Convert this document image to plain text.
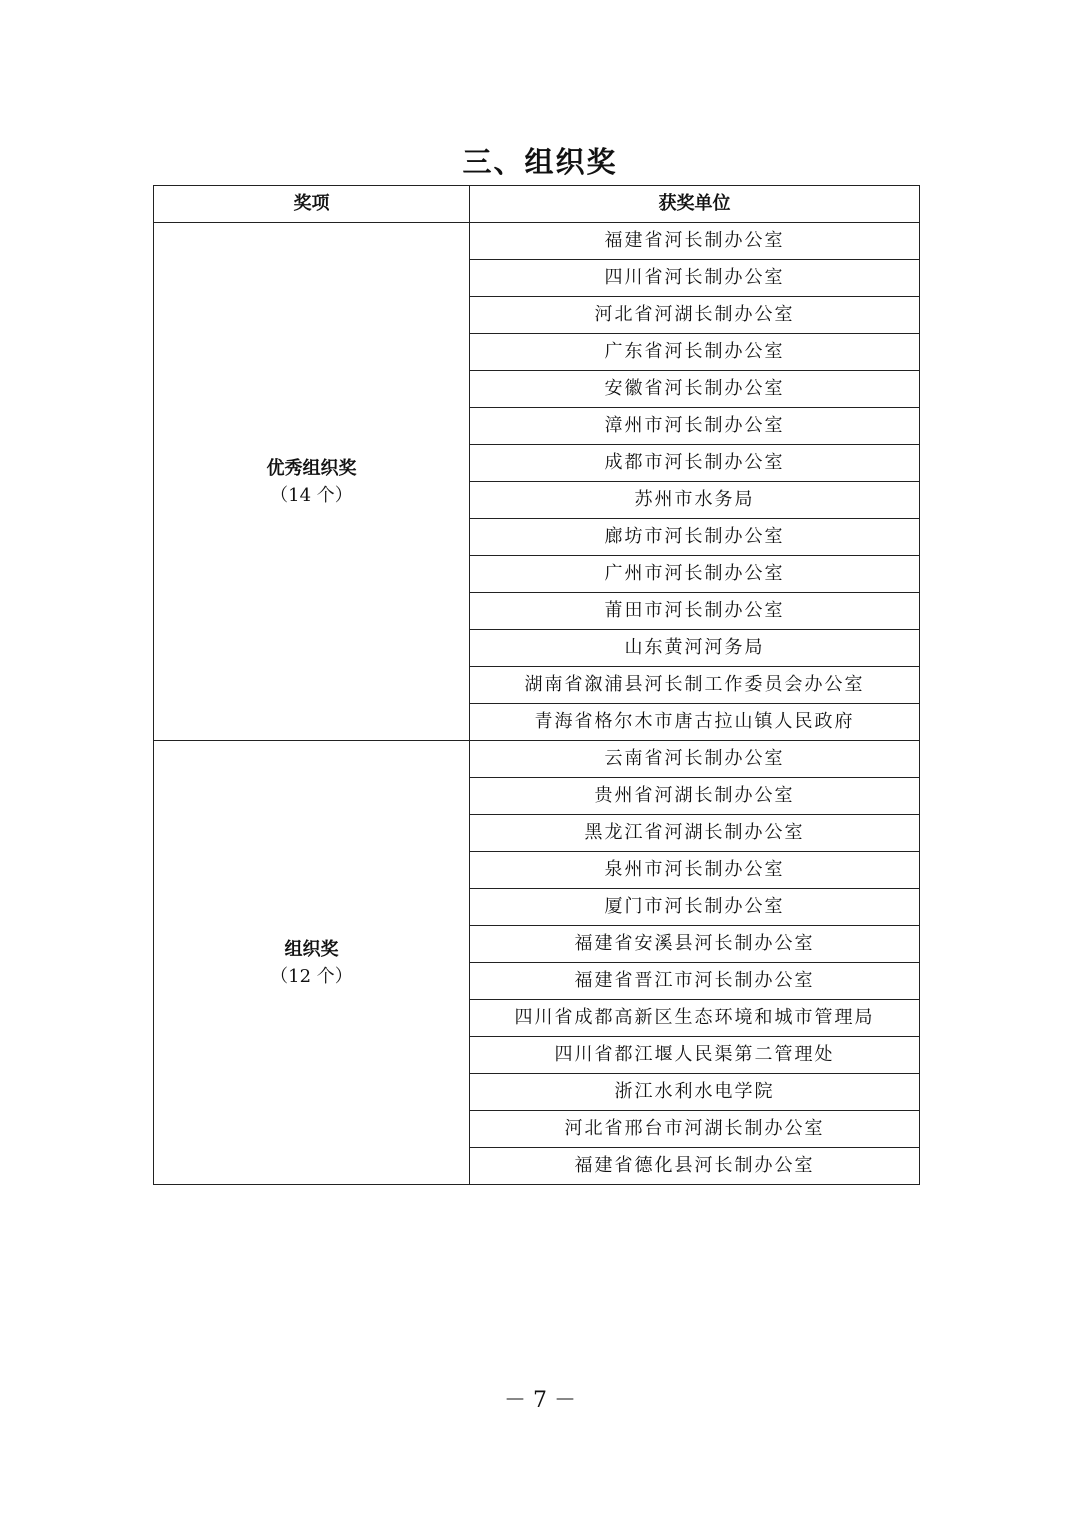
三、组织奖
奖项	获奖单位

优秀组织奖
（14 个）	福建省河长制办公室
	四川省河长制办公室
	河北省河湖长制办公室
	广东省河长制办公室
	安徽省河长制办公室
	漳州市河长制办公室
	成都市河长制办公室
	苏州市水务局
	廊坊市河长制办公室
	广州市河长制办公室
	莆田市河长制办公室
	山东黄河河务局
	湖南省溆浦县河长制工作委员会办公室
	青海省格尔木市唐古拉山镇人民政府

组织奖
（12 个）	云南省河长制办公室
	贵州省河湖长制办公室
	黑龙江省河湖长制办公室
	泉州市河长制办公室
	厦门市河长制办公室
	福建省安溪县河长制办公室
	福建省晋江市河长制办公室
	四川省成都高新区生态环境和城市管理局
	四川省都江堰人民渠第二管理处
	浙江水利水电学院
	河北省邢台市河湖长制办公室
	福建省德化县河长制办公室
－ 7 －
